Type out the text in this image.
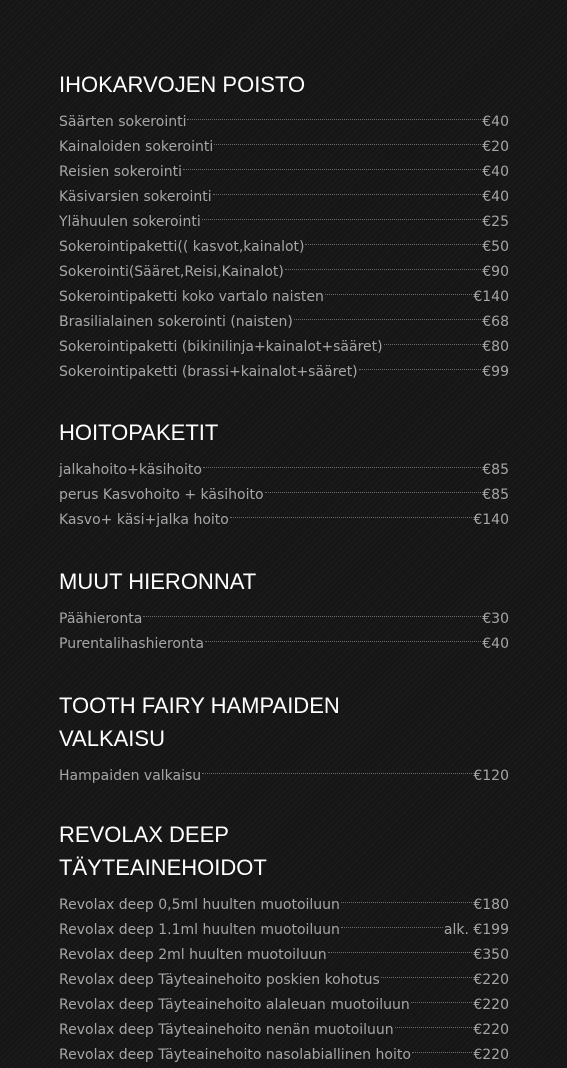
IHOKARVOJEN POISTO
Säärten sokerointi	€40
Kainaloiden sokerointi	€20
Reisien sokerointi	€40
Käsivarsien sokerointi	€40
Ylähuulen sokerointi	€25
Sokerointipaketti(( kasvot,kainalot)	€50
Sokerointi(Sääret,Reisi,Kainalot)	€90
Sokerointipaketti koko vartalo naisten	€140
Brasilialainen sokerointi (naisten)	€68
Sokerointipaketti (bikinilinja+kainalot+sääret)	€80
Sokerointipaketti (brassi+kainalot+sääret)	€99
HOITOPAKETIT
jalkahoito+käsihoito	€85
perus Kasvohoito + käsihoito	€85
Kasvo+ käsi+jalka hoito	€140
MUUT HIERONNAT
Päähieronta	€30
Purentalihashieronta	€40
TOOTH FAIRY HAMPAIDEN
VALKAISU
Hampaiden valkaisu	€120
REVOLAX DEEP
TÄYTEAINEHOIDOT
Revolax deep 0,5ml huulten muotoiluun	€180
Revolax deep 1.1ml huulten muotoiluun	alk. €199
Revolax deep 2ml huulten muotoiluun	€350
Revolax deep Täyteainehoito poskien kohotus	€220
Revolax deep Täyteainehoito alaleuan muotoiluun	€220
Revolax deep Täyteainehoito nenän muotoiluun	€220
Revolax deep Täyteainehoito nasolabiallinen hoito	€220
